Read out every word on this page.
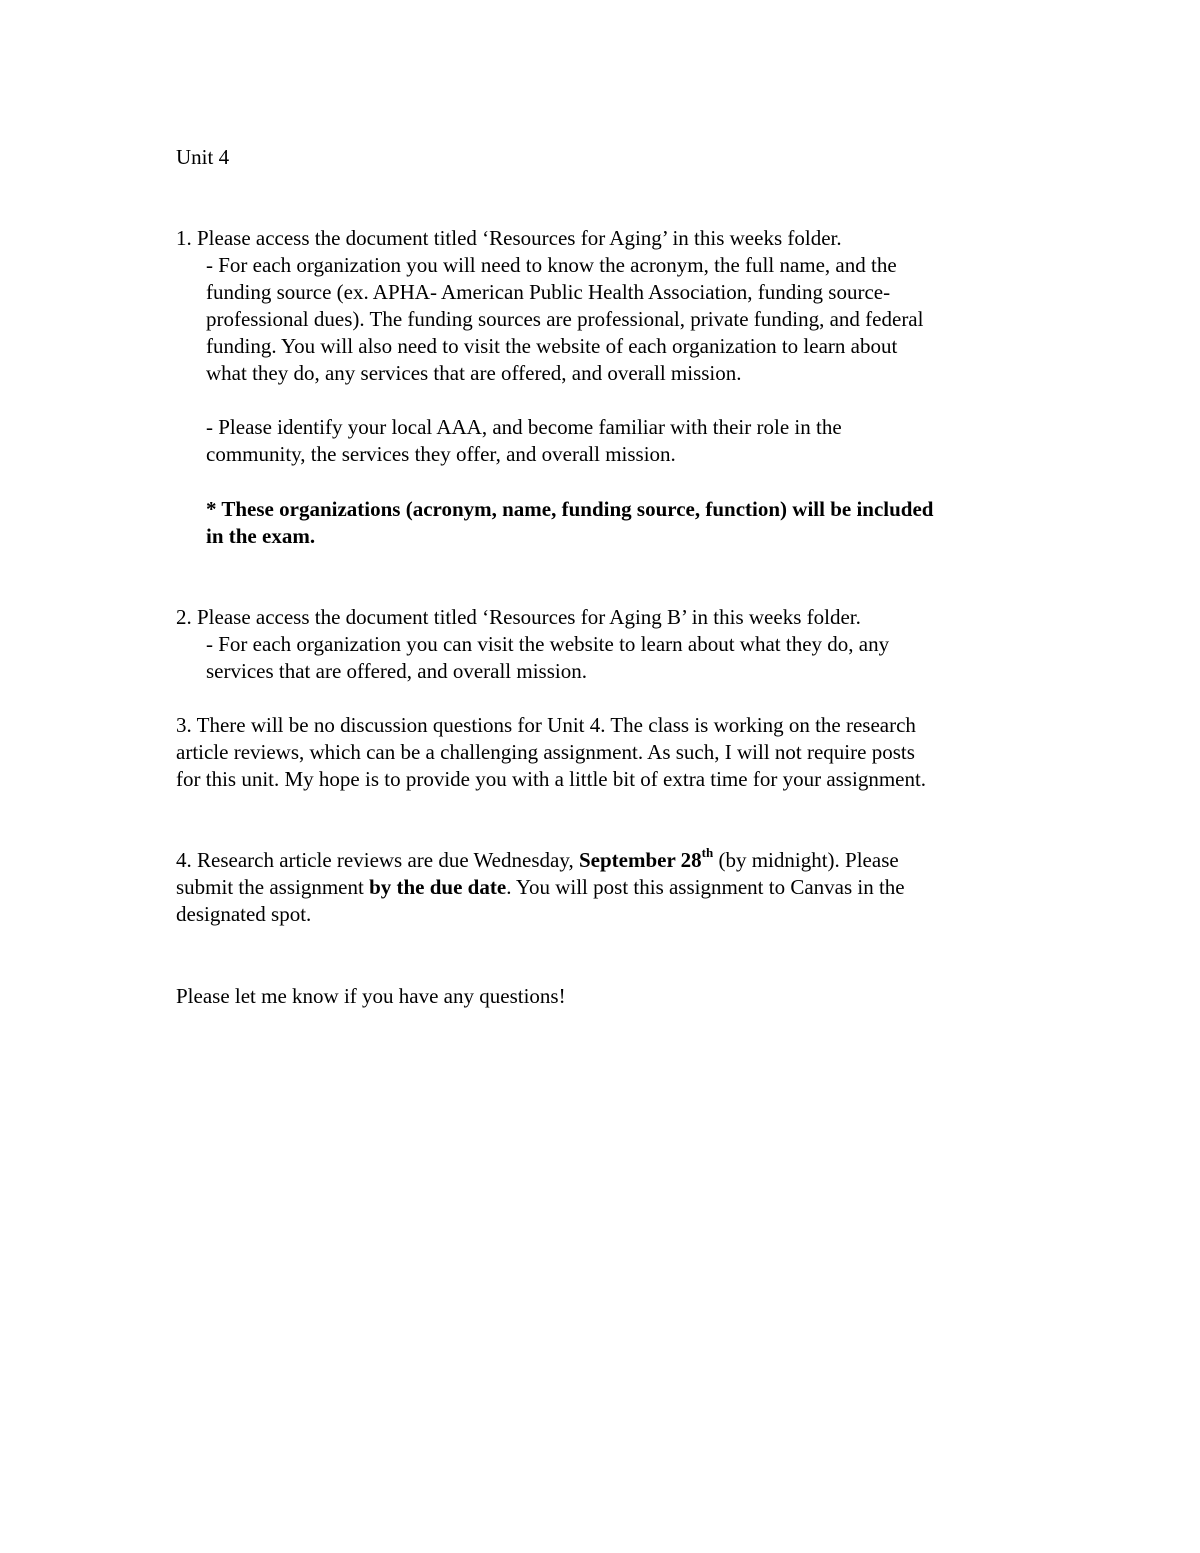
Unit 4
1. Please access the document titled ‘Resources for Aging’ in this weeks folder.
- For each organization you will need to know the acronym, the full name, and the
funding source (ex. APHA- American Public Health Association, funding source-
professional dues). The funding sources are professional, private funding, and federal
funding. You will also need to visit the website of each organization to learn about
what they do, any services that are offered, and overall mission.
- Please identify your local AAA, and become familiar with their role in the
community, the services they offer, and overall mission.
* These organizations (acronym, name, funding source, function) will be included
in the exam.
2. Please access the document titled ‘Resources for Aging B’ in this weeks folder.
- For each organization you can visit the website to learn about what they do, any
services that are offered, and overall mission.
3. There will be no discussion questions for Unit 4. The class is working on the research
article reviews, which can be a challenging assignment. As such, I will not require posts
for this unit. My hope is to provide you with a little bit of extra time for your assignment.
4. Research article reviews are due Wednesday, September 28th (by midnight). Please
submit the assignment by the due date. You will post this assignment to Canvas in the
designated spot.
Please let me know if you have any questions!
